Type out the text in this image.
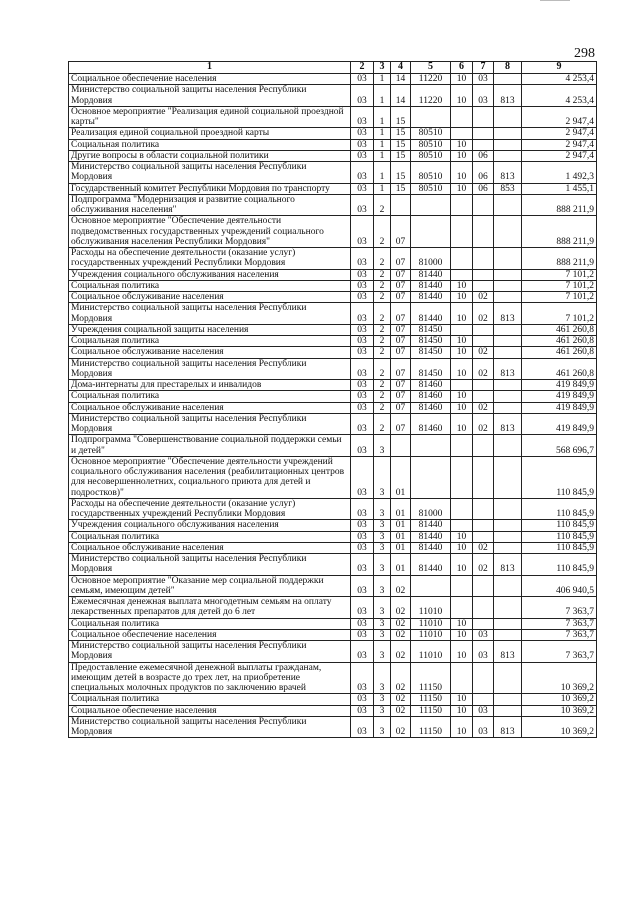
298
1	2	3	4	5	6	7	8	9
Социальное обеспечение населения	03	1	14	11220	10	03		4 253,4
Министерство социальной защиты населения Республики Мордовия	03	1	14	11220	10	03	813	4 253,4
Основное мероприятие "Реализация единой социальной проездной карты"	03	1	15					2 947,4
Реализация единой социальной проездной карты	03	1	15	80510				2 947,4
Социальная политика	03	1	15	80510	10			2 947,4
Другие вопросы в области социальной политики	03	1	15	80510	10	06		2 947,4
Министерство социальной защиты населения Республики Мордовия	03	1	15	80510	10	06	813	1 492,3
Государственный комитет Республики Мордовия по транспорту	03	1	15	80510	10	06	853	1 455,1
Подпрограмма "Модернизация и развитие социального обслуживания населения"	03	2						888 211,9
Основное мероприятие "Обеспечение деятельности подведомственных государственных учреждений социального обслуживания населения Республики Мордовия"	03	2	07					888 211,9
Расходы на обеспечение деятельности (оказание услуг) государственных учреждений Республики Мордовия	03	2	07	81000				888 211,9
Учреждения социального обслуживания населения	03	2	07	81440				7 101,2
Социальная политика	03	2	07	81440	10			7 101,2
Социальное обслуживание населения	03	2	07	81440	10	02		7 101,2
Министерство социальной защиты населения Республики Мордовия	03	2	07	81440	10	02	813	7 101,2
Учреждения социальной защиты населения	03	2	07	81450				461 260,8
Социальная политика	03	2	07	81450	10			461 260,8
Социальное обслуживание населения	03	2	07	81450	10	02		461 260,8
Министерство социальной защиты населения Республики Мордовия	03	2	07	81450	10	02	813	461 260,8
Дома-интернаты для престарелых и инвалидов	03	2	07	81460				419 849,9
Социальная политика	03	2	07	81460	10			419 849,9
Социальное обслуживание населения	03	2	07	81460	10	02		419 849,9
Министерство социальной защиты населения Республики Мордовия	03	2	07	81460	10	02	813	419 849,9
Подпрограмма "Совершенствование социальной поддержки семьи и детей"	03	3						568 696,7
Основное мероприятие "Обеспечение деятельности учреждений социального обслуживания населения (реабилитационных центров для несовершеннолетних, социального приюта для детей и подростков)"	03	3	01					110 845,9
Расходы на обеспечение деятельности (оказание услуг) государственных учреждений Республики Мордовия	03	3	01	81000				110 845,9
Учреждения социального обслуживания населения	03	3	01	81440				110 845,9
Социальная политика	03	3	01	81440	10			110 845,9
Социальное обслуживание населения	03	3	01	81440	10	02		110 845,9
Министерство социальной защиты населения Республики Мордовия	03	3	01	81440	10	02	813	110 845,9
Основное мероприятие "Оказание мер социальной поддержки семьям, имеющим детей"	03	3	02					406 940,5
Ежемесячная денежная выплата многодетным семьям на оплату лекарственных препаратов для детей до 6 лет	03	3	02	11010				7 363,7
Социальная политика	03	3	02	11010	10			7 363,7
Социальное обеспечение населения	03	3	02	11010	10	03		7 363,7
Министерство социальной защиты населения Республики Мордовия	03	3	02	11010	10	03	813	7 363,7
Предоставление ежемесячной денежной выплаты гражданам, имеющим детей в возрасте до трех лет, на приобретение специальных молочных продуктов по заключению врачей	03	3	02	11150				10 369,2
Социальная политика	03	3	02	11150	10			10 369,2
Социальное обеспечение населения	03	3	02	11150	10	03		10 369,2
Министерство социальной защиты населения Республики Мордовия	03	3	02	11150	10	03	813	10 369,2
